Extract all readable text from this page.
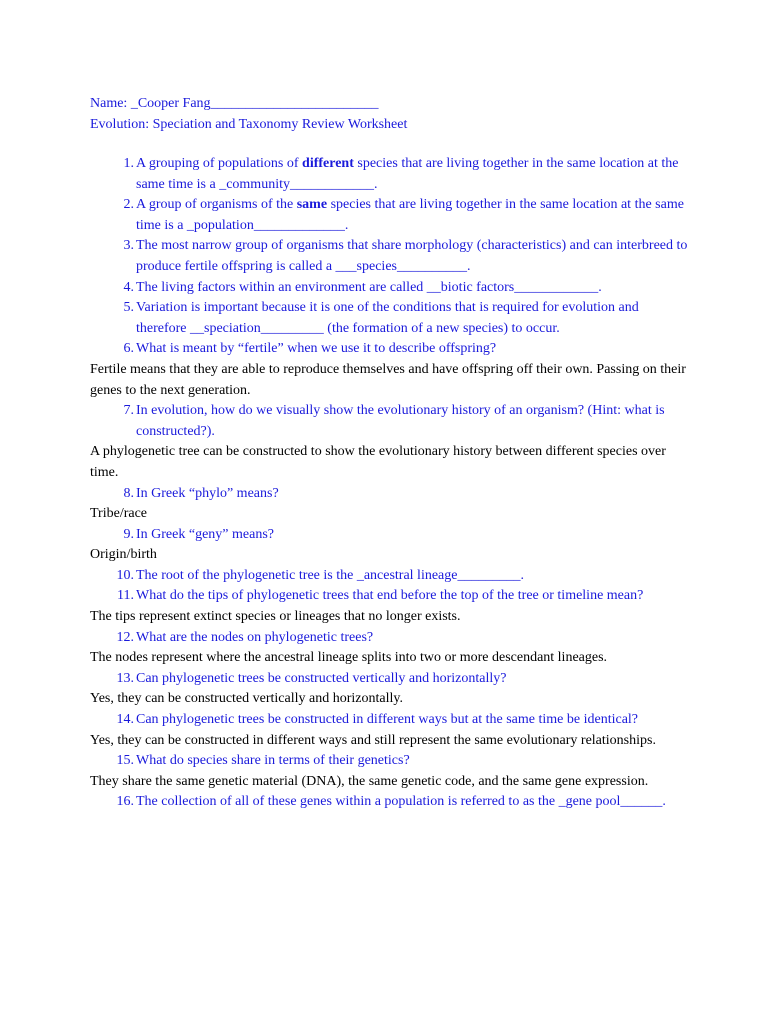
Name: _Cooper Fang________________________
Evolution: Speciation and Taxonomy Review Worksheet
1. A grouping of populations of different species that are living together in the same location at the same time is a _community____________.
2. A group of organisms of the same species that are living together in the same location at the same time is a _population_____________.
3. The most narrow group of organisms that share morphology (characteristics) and can interbreed to produce fertile offspring is called a ___species__________.
4. The living factors within an environment are called __biotic factors____________.
5. Variation is important because it is one of the conditions that is required for evolution and therefore __speciation_________ (the formation of a new species) to occur.
6. What is meant by “fertile” when we use it to describe offspring?
Fertile means that they are able to reproduce themselves and have offspring off their own. Passing on their genes to the next generation.
7. In evolution, how do we visually show the evolutionary history of an organism? (Hint: what is constructed?).
A phylogenetic tree can be constructed to show the evolutionary history between different species over time.
8. In Greek “phylo” means?
Tribe/race
9. In Greek “geny” means?
Origin/birth
10. The root of the phylogenetic tree is the _ancestral lineage_________.
11. What do the tips of phylogenetic trees that end before the top of the tree or timeline mean?
The tips represent extinct species or lineages that no longer exists.
12. What are the nodes on phylogenetic trees?
The nodes represent where the ancestral lineage splits into two or more descendant lineages.
13. Can phylogenetic trees be constructed vertically and horizontally?
Yes, they can be constructed vertically and horizontally.
14. Can phylogenetic trees be constructed in different ways but at the same time be identical?
Yes, they can be constructed in different ways and still represent the same evolutionary relationships.
15. What do species share in terms of their genetics?
They share the same genetic material (DNA), the same genetic code, and the same gene expression.
16. The collection of all of these genes within a population is referred to as the _gene pool______.
